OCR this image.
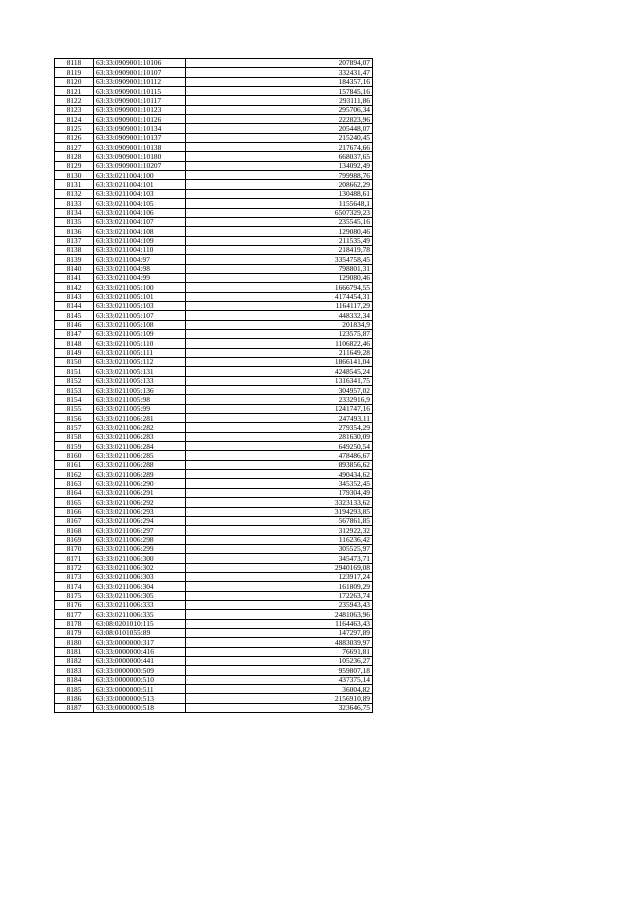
8118	63:33:0909001:10106	207894,07
8119	63:33:0909001:10107	332431,47
8120	63:33:0909001:10112	184357,16
8121	63:33:0909001:10115	157845,16
8122	63:33:0909001:10117	293111,86
8123	63:33:0909001:10123	295706,34
8124	63:33:0909001:10126	222823,96
8125	63:33:0909001:10134	205448,07
8126	63:33:0909001:10137	215240,45
8127	63:33:0909001:10138	217674,66
8128	63:33:0909001:10180	668037,65
8129	63:33:0909001:10207	134092,49
8130	63:33:0211004:100	799988,76
8131	63:33:0211004:101	208662,29
8132	63:33:0211004:103	130488,61
8133	63:33:0211004:105	1155648,1
8134	63:33:0211004:106	6507329,23
8135	63:33:0211004:107	235545,16
8136	63:33:0211004:108	129080,46
8137	63:33:0211004:109	211535,49
8138	63:33:0211004:110	218419,78
8139	63:33:0211004:97	3354758,45
8140	63:33:0211004:98	798801,31
8141	63:33:0211004:99	129080,46
8142	63:33:0211005:100	1666794,55
8143	63:33:0211005:101	4174454,31
8144	63:33:0211005:103	1164117,29
8145	63:33:0211005:107	448332,34
8146	63:33:0211005:108	201834,9
8147	63:33:0211005:109	123575,87
8148	63:33:0211005:110	1106822,46
8149	63:33:0211005:111	211649,28
8150	63:33:0211005:112	1866141,04
8151	63:33:0211005:131	4248545,24
8152	63:33:0211005:133	1316341,75
8153	63:33:0211005:136	304957,02
8154	63:33:0211005:98	2332916,9
8155	63:33:0211005:99	1241747,16
8156	63:33:0211006:281	247493,11
8157	63:33:0211006:282	279354,29
8158	63:33:0211006:283	281630,09
8159	63:33:0211006:284	649250,54
8160	63:33:0211006:285	478486,67
8161	63:33:0211006:288	893856,62
8162	63:33:0211006:289	490434,62
8163	63:33:0211006:290	345352,45
8164	63:33:0211006:291	179304,49
8165	63:33:0211006:292	3323133,62
8166	63:33:0211006:293	3194293,85
8167	63:33:0211006:294	567861,85
8168	63:33:0211006:297	312922,32
8169	63:33:0211006:298	116236,42
8170	63:33:0211006:299	305525,97
8171	63:33:0211006:300	345473,71
8172	63:33:0211006:302	2940169,08
8173	63:33:0211006:303	123917,24
8174	63:33:0211006:304	161809,29
8175	63:33:0211006:305	172263,74
8176	63:33:0211006:333	235943,43
8177	63:33:0211006:335	2481063,96
8178	63:08:0201010:115	1164463,43
8179	63:08:0101055:89	147297,89
8180	63:33:0000000:317	4883039,97
8181	63:33:0000000:416	76691,81
8182	63:33:0000000:441	105236,27
8183	63:33:0000000:509	959807,18
8184	63:33:0000000:510	437375,14
8185	63:33:0000000:511	36004,82
8186	63:33:0000000:513	2156910,89
8187	63:33:0000000:518	323646,75
